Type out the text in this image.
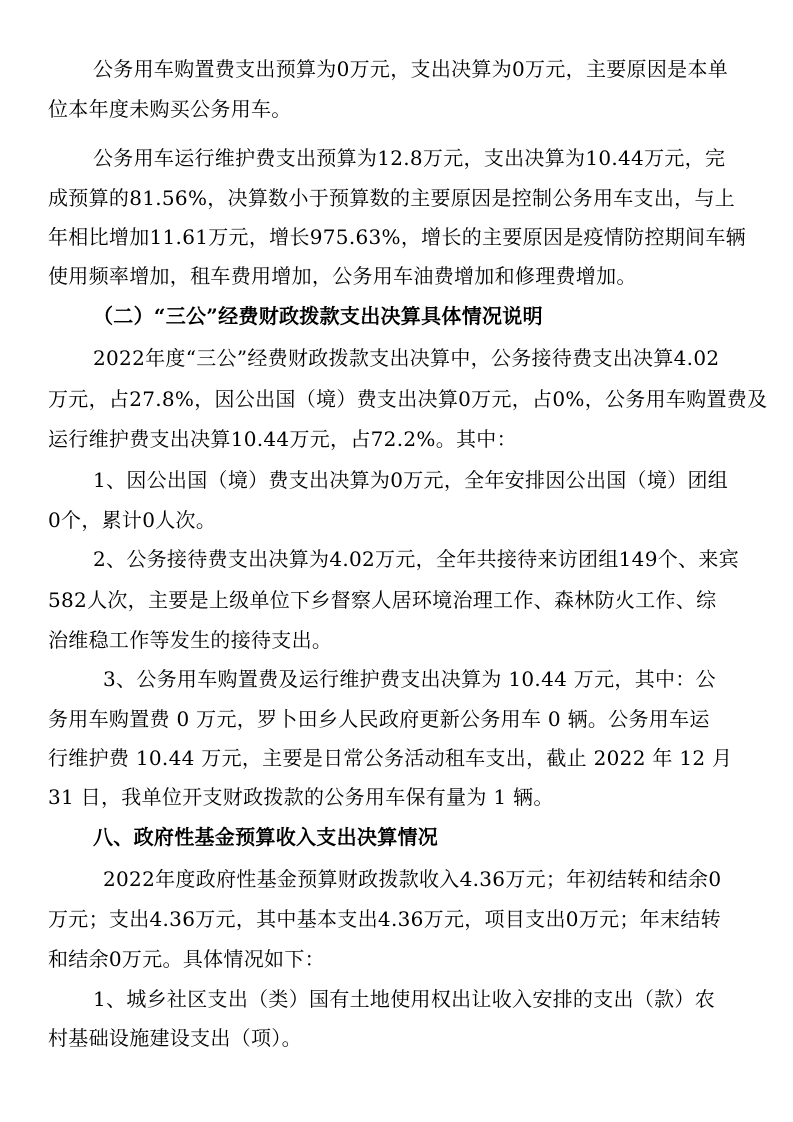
公务用车购置费支出预算为0万元，支出决算为0万元，主要原因是本单

位本年度未购买公务用车。

公务用车运行维护费支出预算为12.8万元，支出决算为10.44万元，完

成预算的81.56%，决算数小于预算数的主要原因是控制公务用车支出，与上

年相比增加11.61万元，增长975.63%，增长的主要原因是疫情防控期间车辆

使用频率增加，租车费用增加，公务用车油费增加和修理费增加。

（二）“三公”经费财政拨款支出决算具体情况说明

2022年度“三公”经费财政拨款支出决算中，公务接待费支出决算4.02

万元，占27.8%，因公出国（境）费支出决算0万元，占0%，公务用车购置费及

运行维护费支出决算10.44万元，占72.2%。其中：

1、因公出国（境）费支出决算为0万元，全年安排因公出国（境）团组

0个，累计0人次。

2、公务接待费支出决算为4.02万元，全年共接待来访团组149个、来宾

582人次，主要是上级单位下乡督察人居环境治理工作、森林防火工作、综

治维稳工作等发生的接待支出。

3、公务用车购置费及运行维护费支出决算为 10.44 万元，其中：公

务用车购置费 0 万元，罗卜田乡人民政府更新公务用车 0 辆。公务用车运

行维护费 10.44 万元，主要是日常公务活动租车支出，截止 2022 年 12 月

31 日，我单位开支财政拨款的公务用车保有量为 1 辆。

八、政府性基金预算收入支出决算情况

2022年度政府性基金预算财政拨款收入4.36万元；年初结转和结余0

万元；支出4.36万元，其中基本支出4.36万元，项目支出0万元；年末结转

和结余0万元。具体情况如下：

1、城乡社区支出（类）国有土地使用权出让收入安排的支出（款）农

村基础设施建设支出（项）。
